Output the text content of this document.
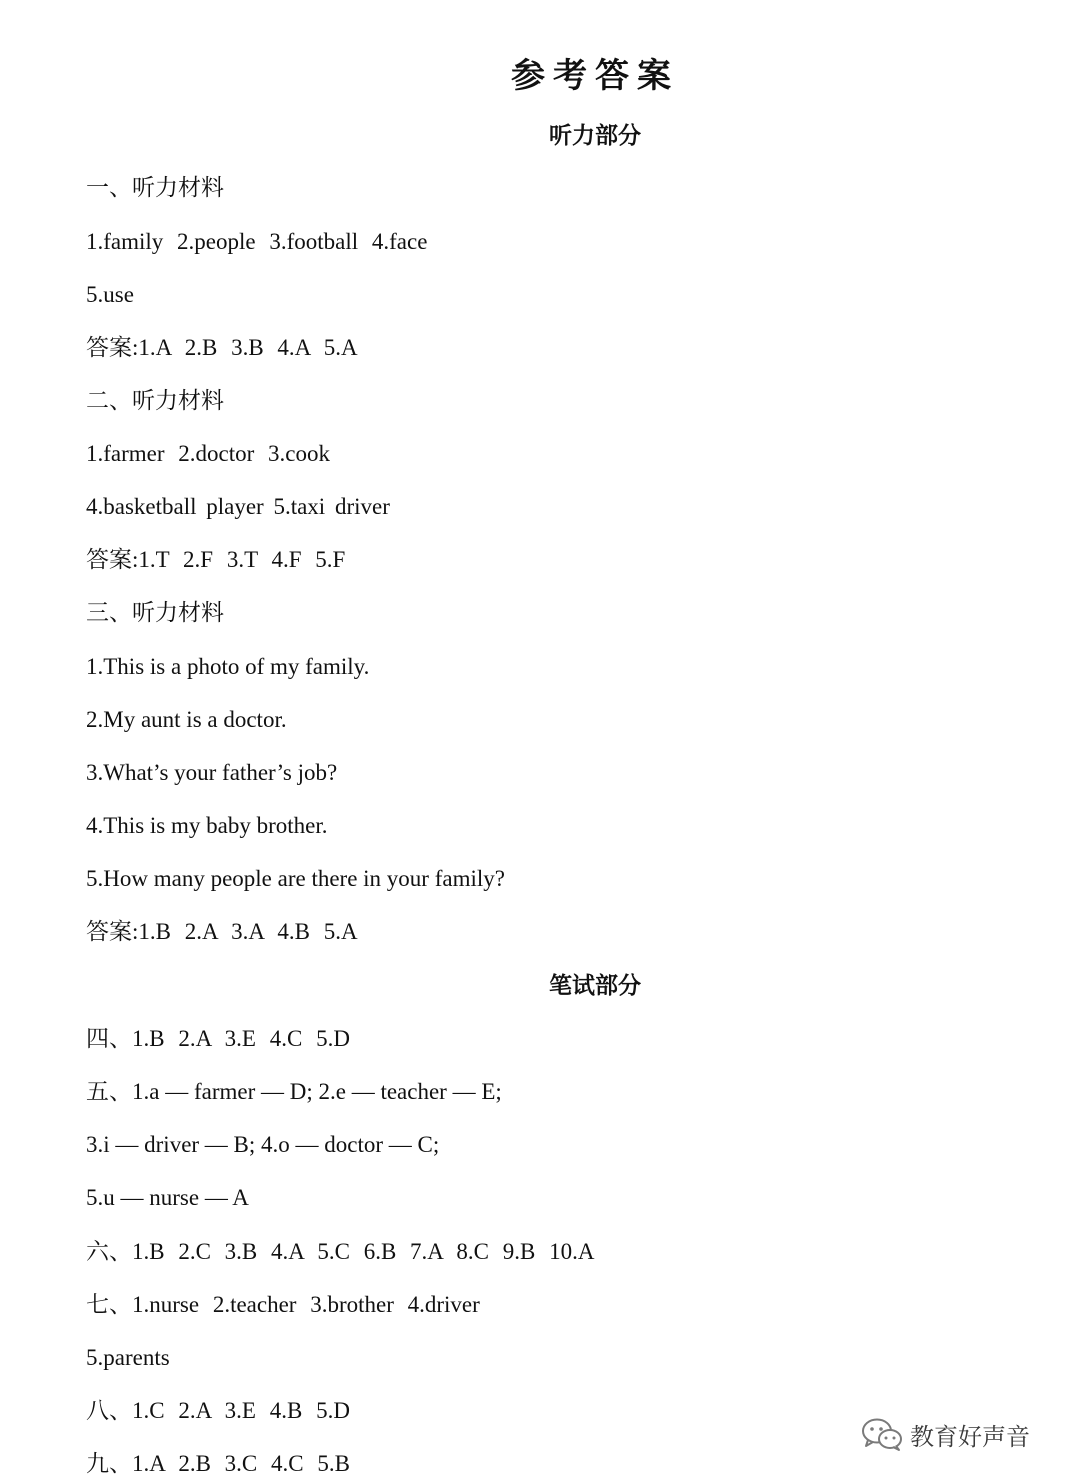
参考答案
听力部分

一、听力材料

1.family 2.people 3.football 4.face

5.use

答案:1.A 2.B 3.B 4.A 5.A

二、听力材料

1.farmer 2.doctor 3.cook

4.basketball player 5.taxi driver

答案:1.T 2.F 3.T 4.F 5.F

三、听力材料

1.This is a photo of my family.

2.My aunt is a doctor.

3.What’s your father’s job?

4.This is my baby brother.

5.How many people are there in your family?

答案:1.B 2.A 3.A 4.B 5.A

笔试部分

四、1.B 2.A 3.E 4.C 5.D

五、1.a — farmer — D; 2.e — teacher — E;

3.i — driver — B; 4.o — doctor — C;

5.u — nurse — A

六、1.B 2.C 3.B 4.A 5.C 6.B 7.A 8.C 9.B 10.A

七、1.nurse 2.teacher 3.brother 4.driver

5.parents

八、1.C 2.A 3.E 4.B 5.D

九、1.A 2.B 3.C 4.C 5.B

教育好声音
